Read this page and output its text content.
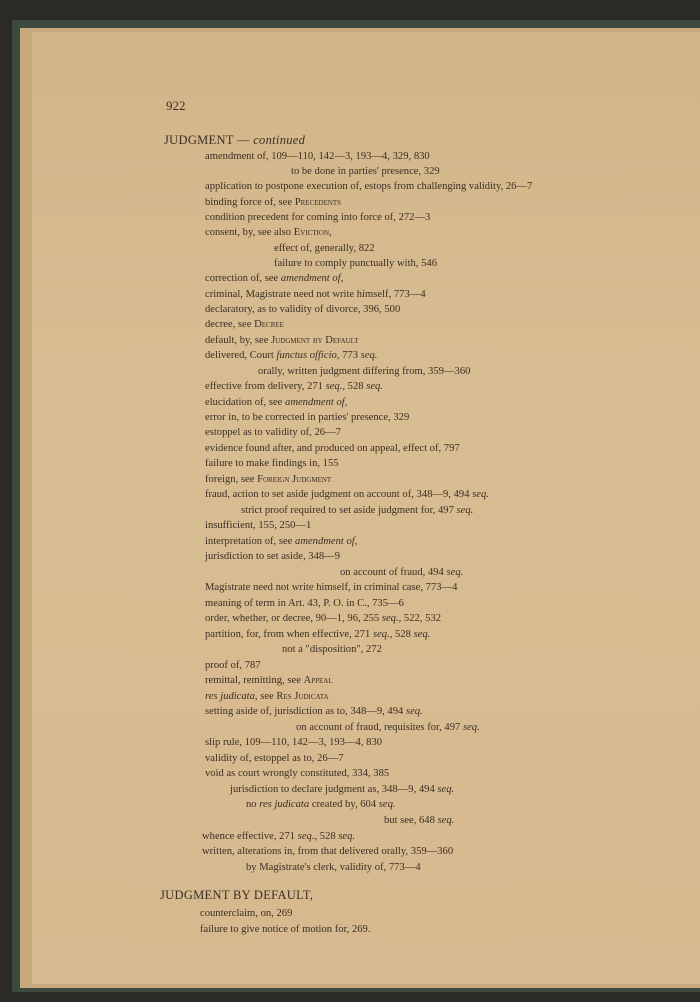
922
JUDGMENT — continued
amendment of, 109—110, 142—3, 193—4, 329, 830
to be done in parties' presence, 329
application to postpone execution of, estops from challenging validity, 26—7
binding force of, see Precedents
condition precedent for coming into force of, 272—3
consent, by, see also Eviction,
effect of, generally, 822
failure to comply punctually with, 546
correction of, see amendment of,
criminal, Magistrate need not write himself, 773—4
declaratory, as to validity of divorce, 396, 500
decree, see Decree
default, by, see Judgment by Default
delivered, Court functus officio, 773 seq.
orally, written judgment differing from, 359—360
effective from delivery, 271 seq., 528 seq.
elucidation of, see amendment of,
error in, to be corrected in parties' presence, 329
estoppel as to validity of, 26—7
evidence found after, and produced on appeal, effect of, 797
failure to make findings in, 155
foreign, see Foreign Judgment
fraud, action to set aside judgment on account of, 348—9, 494 seq.
strict proof required to set aside judgment for, 497 seq.
insufficient, 155, 250—1
interpretation of, see amendment of,
jurisdiction to set aside, 348—9
on account of fraud, 494 seq.
Magistrate need not write himself, in criminal case, 773—4
meaning of term in Art. 43, P. O. in C., 735—6
order, whether, or decree, 90—1, 96, 255 seq., 522, 532
partition, for, from when effective, 271 seq., 528 seq.
not a "disposition", 272
proof of, 787
remittal, remitting, see Appeal
res judicata, see Res Judicata
setting aside of, jurisdiction as to, 348—9, 494 seq.
on account of fraud, requisites for, 497 seq.
slip rule, 109—110, 142—3, 193—4, 830
validity of, estoppel as to, 26—7
void as court wrongly constituted, 334, 385
jurisdiction to declare judgment as, 348—9, 494 seq.
no res judicata created by, 604 seq.
but see, 648 seq.
whence effective, 271 seq., 528 seq.
written, alterations in, from that delivered orally, 359—360
by Magistrate's clerk, validity of, 773—4
JUDGMENT BY DEFAULT,
counterclaim, on, 269
failure to give notice of motion for, 269.
